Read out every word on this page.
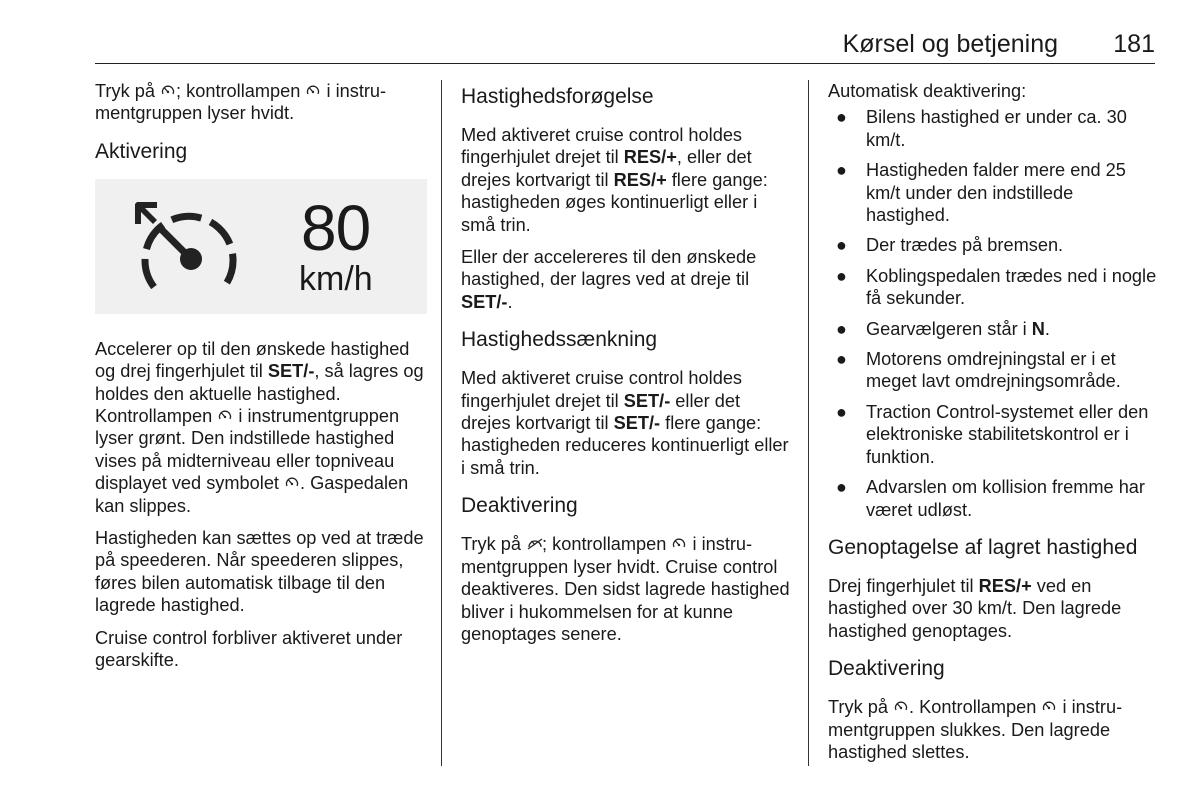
Kørsel og betjening 181

Tryk på
; kontrollampen
i instrumentgruppen lyser hvidt.

Aktivering
80
km/h

Accelerer op til den ønskede hastighed og drej fingerhjulet til SET/-, så lagres og holdes den aktuelle hastighed. Kontrollampen
i instrumentgruppen lyser grønt. Den indstillede hastighed vises på midterniveau eller topniveau displayet ved symbolet
. Gaspedalen kan slippes.

Hastigheden kan sættes op ved at træde på speederen. Når speederen slippes, føres bilen automatisk tilbage til den lagrede hastighed.

Cruise control forbliver aktiveret under gearskifte.

Hastighedsforøgelse

Med aktiveret cruise control holdes fingerhjulet drejet til RES/+, eller det drejes kortvarigt til RES/+ flere gange: hastigheden øges kontinuerligt eller i små trin.

Eller der accelereres til den ønskede hastighed, der lagres ved at dreje til SET/-.

Hastighedssænkning

Med aktiveret cruise control holdes fingerhjulet drejet til SET/- eller det drejes kortvarigt til SET/- flere gange: hastigheden reduceres kontinuerligt eller i små trin.

Deaktivering

Tryk på
; kontrollampen
i instrumentgruppen lyser hvidt. Cruise control deaktiveres. Den sidst lagrede hastighed bliver i hukommelsen for at kunne genoptages senere.

Automatisk deaktivering:

● Bilens hastighed er under ca. 30 km/t.
● Hastigheden falder mere end 25 km/t under den indstillede hastighed.
● Der trædes på bremsen.
● Koblingspedalen trædes ned i nogle få sekunder.
● Gearvælgeren står i N.
● Motorens omdrejningstal er i et meget lavt omdrejningsområde.
● Traction Control-systemet eller den elektroniske stabilitetskontrol er i funktion.
● Advarslen om kollision fremme har været udløst.
Genoptagelse af lagret hastighed

Drej fingerhjulet til RES/+ ved en hastighed over 30 km/t. Den lagrede hastighed genoptages.

Deaktivering

Tryk på
. Kontrollampen
i instrumentgruppen slukkes. Den lagrede hastighed slettes.
